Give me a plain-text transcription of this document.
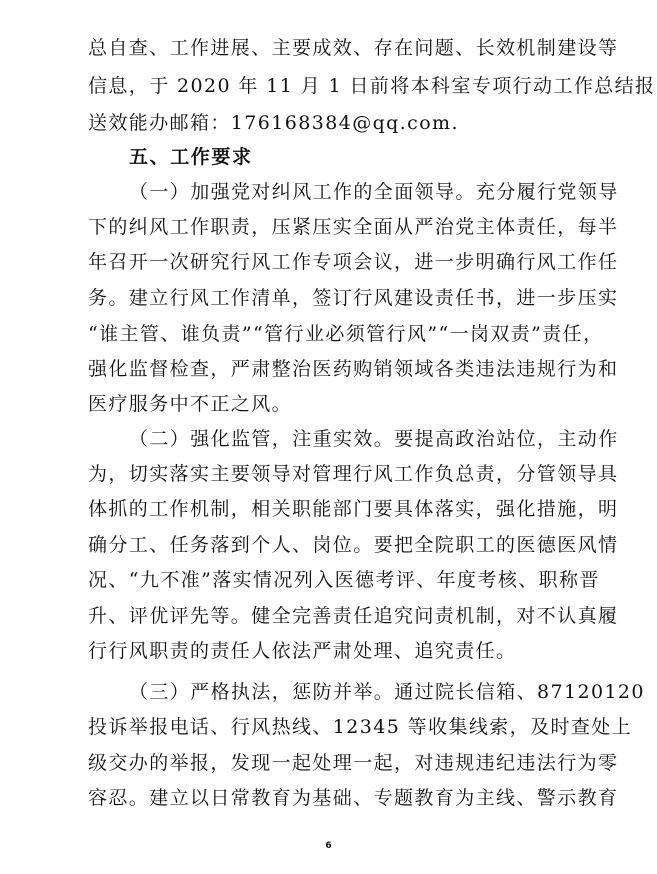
总自查、工作进展、主要成效、存在问题、长效机制建设等
信息，于 2020 年 11 月 1 日前将本科室专项行动工作总结报
送效能办邮箱：176168384@qq.com.
五、工作要求
（一）加强党对纠风工作的全面领导。充分履行党领导
下的纠风工作职责，压紧压实全面从严治党主体责任，每半
年召开一次研究行风工作专项会议，进一步明确行风工作任
务。建立行风工作清单，签订行风建设责任书，进一步压实
“谁主管、谁负责”“管行业必须管行风”“一岗双责”责任，
强化监督检查，严肃整治医药购销领域各类违法违规行为和
医疗服务中不正之风。
（二）强化监管，注重实效。要提高政治站位，主动作
为，切实落实主要领导对管理行风工作负总责，分管领导具
体抓的工作机制，相关职能部门要具体落实，强化措施，明
确分工、任务落到个人、岗位。要把全院职工的医德医风情
况、“九不准”落实情况列入医德考评、年度考核、职称晋
升、评优评先等。健全完善责任追究问责机制，对不认真履
行行风职责的责任人依法严肃处理、追究责任。
（三）严格执法，惩防并举。通过院长信箱、87120120
投诉举报电话、行风热线、12345 等收集线索，及时查处上
级交办的举报，发现一起处理一起，对违规违纪违法行为零
容忍。建立以日常教育为基础、专题教育为主线、警示教育
6
